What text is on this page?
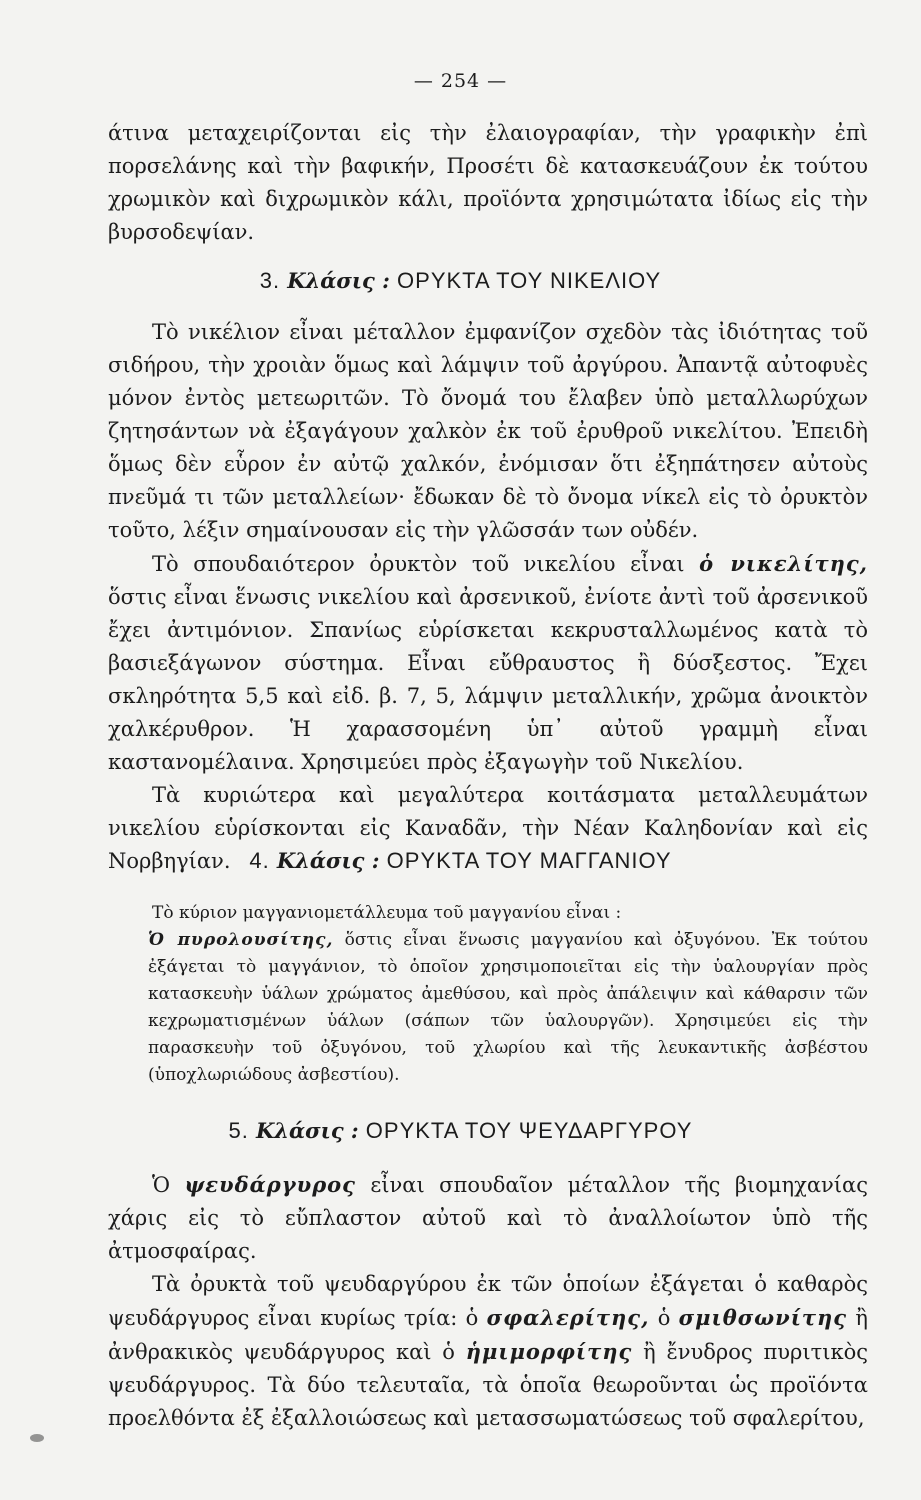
— 254 —

άτινα μεταχειρίζονται εἰς τὴν ἐλαιογραφίαν, τὴν γραφικὴν ἐπὶ πορσελάνης καὶ τὴν βαφικήν, Προσέτι δὲ κατασκευάζουν ἐκ τούτου χρωμικὸν καὶ διχρωμικὸν κάλι, προϊόντα χρησιμώτατα ἰδίως εἰς τὴν βυρσοδεψίαν.

3. Κλάσις : ΟΡΥΚΤΑ ΤΟΥ ΝΙΚΕΛΙΟΥ

Τὸ νικέλιον εἶναι μέταλλον ἐμφανίζον σχεδὸν τὰς ἰδιότητας τοῦ σιδήρου, τὴν χροιὰν ὅμως καὶ λάμψιν τοῦ ἀργύρου. Ἀπαντᾷ αὐτοφυὲς μόνον ἐντὸς μετεωριτῶν. Τὸ ὄνομά του ἔλαβεν ὑπὸ μεταλλωρύχων ζητησάντων νὰ ἐξαγάγουν χαλκὸν ἐκ τοῦ ἐρυθροῦ νικελίτου. Ἐπειδὴ ὅμως δὲν εὗρον ἐν αὐτῷ χαλκόν, ἐνόμισαν ὅτι ἐξηπάτησεν αὐτοὺς πνεῦμά τι τῶν μεταλλείων· ἔδωκαν δὲ τὸ ὄνομα νίκελ εἰς τὸ ὀρυκτὸν τοῦτο, λέξιν σημαίνουσαν εἰς τὴν γλῶσσάν των οὐδέν.

Τὸ σπουδαιότερον ὀρυκτὸν τοῦ νικελίου εἶναι ὁ νικελίτης, ὅστις εἶναι ἕνωσις νικελίου καὶ ἀρσενικοῦ, ἐνίοτε ἀντὶ τοῦ ἀρσενικοῦ ἔχει ἀντιμόνιον. Σπανίως εὑρίσκεται κεκρυσταλλωμένος κατὰ τὸ βασιεξάγωνον σύστημα. Εἶναι εὔθραυστος ἢ δύσξεστος. Ἔχει σκληρότητα 5,5 καὶ εἰδ. β. 7, 5, λάμψιν μεταλλικήν, χρῶμα ἀνοικτὸν χαλκέρυθρον. Ἡ χαρασσομένη ὑπ᾽ αὐτοῦ γραμμὴ εἶναι καστανομέλαινα. Χρησιμεύει πρὸς ἐξαγωγὴν τοῦ Νικελίου.

Τὰ κυριώτερα καὶ μεγαλύτερα κοιτάσματα μεταλλευμάτων νικελίου εὑρίσκονται εἰς Καναδᾶν, τὴν Νέαν Καληδονίαν καὶ εἰς Νορβηγίαν. 4. Κλάσις : ΟΡΥΚΤΑ ΤΟΥ ΜΑΓΓΑΝΙΟΥ

Τὸ κύριον μαγγανιομετάλλευμα τοῦ μαγγανίου εἶναι :

Ὁ πυρολουσίτης, ὅστις εἶναι ἕνωσις μαγγανίου καὶ ὀξυγόνου. Ἐκ τούτου ἐξάγεται τὸ μαγγάνιον, τὸ ὁποῖον χρησιμοποιεῖται εἰς τὴν ὑαλουργίαν πρὸς κατασκευὴν ὑάλων χρώματος ἀμεθύσου, καὶ πρὸς ἀπάλειψιν καὶ κάθαρσιν τῶν κεχρωματισμένων ὑάλων (σάπων τῶν ὑαλουργῶν). Χρησιμεύει εἰς τὴν παρασκευὴν τοῦ ὀξυγόνου, τοῦ χλωρίου καὶ τῆς λευκαντικῆς ἀσβέστου (ὑποχλωριώδους ἀσβεστίου).

5. Κλάσις : ΟΡΥΚΤΑ ΤΟΥ ΨΕΥΔΑΡΓΥΡΟΥ

Ὁ ψευδάργυρος εἶναι σπουδαῖον μέταλλον τῆς βιομηχανίας χάρις εἰς τὸ εὔπλαστον αὐτοῦ καὶ τὸ ἀναλλοίωτον ὑπὸ τῆς ἀτμοσφαίρας.

Τὰ ὀρυκτὰ τοῦ ψευδαργύρου ἐκ τῶν ὁποίων ἐξάγεται ὁ καθαρὸς ψευδάργυρος εἶναι κυρίως τρία: ὁ σφαλερίτης, ὁ σμιθσωνίτης ἢ ἀνθρακικὸς ψευδάργυρος καὶ ὁ ἡμιμορφίτης ἢ ἔνυδρος πυριτικὸς ψευδάργυρος. Τὰ δύο τελευταῖα, τὰ ὁποῖα θεωροῦνται ὡς προϊόντα προελθόντα ἐξ ἐξαλλοιώσεως καὶ μετασσωματώσεως τοῦ σφαλερίτου,
